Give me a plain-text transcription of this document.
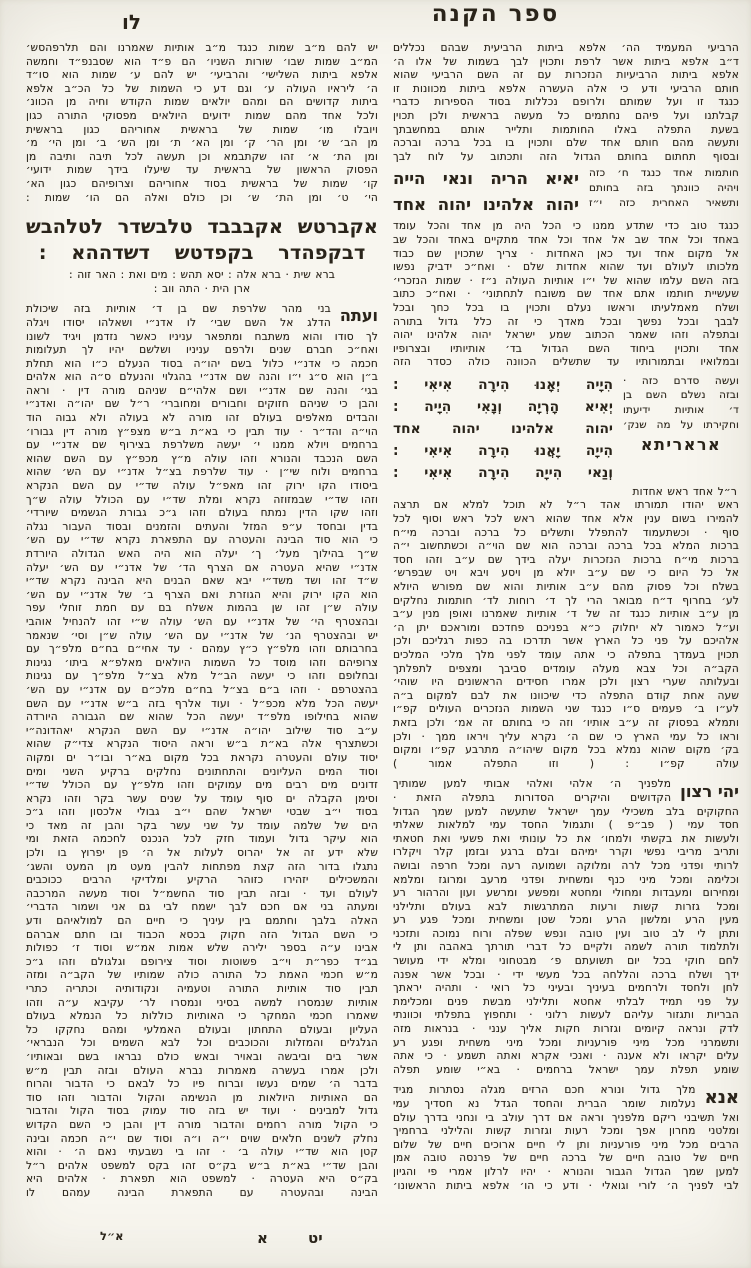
לו	ספר הקנה
הרביעי המעמיד הה׳ אלפא ביתות הרביעית שבהם נכללים
ד״ב אלפא ביתות אשר לרפת ותכוין לבך בשמות של אלו ה׳
אלפא ביתות הרביעיות הנזכרות עם זה השם הרביעי שהוא
חותם הרביעי ודע כי אלה העשרה אלפא ביתות מכוונות זו
כנגד זו ועל שמותם ולרופם נכללות בסוד הספירות כדברי
קבלתנו ועל פיהם נחתמים כל מעשה בראשית ולכן תכוין
בשעת התפלה באלו החותמות ותלייר אותם במחשבתך
ותעשה מהם חותם אחד שלם ותכוין בו בכל ברכה וברכה
ובסוף תחתום בחותם הגדול הזה ותכתוב על לוח לבך
חותמות אחד כנגד ח׳ כזה
ויהיה כוונתך בזה בחותם
ותשאיר האחרית כזה י״ז
יאיא הריה ונאי הייה
יהוה אלהינו יהוה אחד
כנגד טוב כדי שתדע ממנו כי הכל היה מן אחד והכל עומד
באחד וכל אחד שב אל אחד וכל אחד מתקיים באחד והכל שב
אל מקום אחד ועד כאן האחדות · צריך שתכוין שם כבוד
מלכותו לעולם ועד שהוא אחדות שלם · ואח״כ ידביק נפשו
בזה השם עלמו שהוא של י״ו אותיות העולה נ״ז · שמות הנזכרי׳
שעשיית חותמו אתם אחד שם משובח לתחתוני׳ · ואח״כ כתוב
ושלח מאמלעיתו וראשו נעלם ותכוין בו בכל כחך ובכל
לבבך ובכל נפשך ובכל מאדך כי זה כלל גדול בתורה
ובתפלה וזהו שאמר הכתוב שמע ישראל יהוה אלהינו יהוה
אחד ותכוין ביחוד השם הגדול בד׳ אותיותיו ובצרופיו
ובמלואיו ובתמורותיו עד שתשלים הכוונה כולה כסדר הזה
ועשה סדרם כזה ·
ובזה נשלם השם בן
ד׳ אותיות ידיעתו
וחקירתו על מה שנק׳
אראריתא
הִיָיה יְאָנוּ הִירָה אִיאִי :
יְאִיא הָרְיָה וְנָאִי הִיָיה :
יהוה אלהינו יהוה אחד
הִייָה יָאֲנוּ הִירָה אִיאִי :
וְנַאי הִייָה הִירָה אִיאִי :
ר״ל אחד ראש אחדות
ראש יהודו תמורתו אהד ר״ל לא תוכל למלא אם תרצה
להמירו בשום ענין אלא אחד שהוא ראש לכל ראש וסוף לכל
סוף · וכשתעמוד להתפלל ותשלים כל ברכה וברכה מי״ח
ברכות המלא בכל ברכה וברכה הוא שם הוי״ה וכשתחשוב י״ה
ברכות מי״ח ברכות הנזכרות יעלה בידך שם ע״ב וזהו חסד
אל כל היום כי שם ע״ב יולא מן ויסע ויבא ויט שבפרש׳
בשלח וכל פסוק מהם ע״ב אותיות והוא שם מפורש היולא
לע׳ בחרוף ד״ח מבואר הרי לך ד׳ רוחות לד׳ חותמות נחלקים
מן ע״ב אותיות כנגד זה של ד׳ אותיות שאמרנו ואופן מנין ע״ב
וע״ל כאמור לא יחלוק כ״א בפניכם פחדכם ומוראכם יתן ה׳
אלהיכם על פני כל הארץ אשר תדרכו בה כפות רגליכם ולכן
תכוין בעמדך בתפלה כי אתה עומד לפני מלך מלכי המלכים
הקב״ה וכל צבא מעלה עומדים סביבך ומצפים לתפלתך
ובעלותה שערי רצון ולכן אמרו חסידים הראשונים היו שוהי׳
שעה אחת קודם התפלה כדי שיכוונו את לבם למקום ב״ה
לע״ו ב׳ פעמים ס״ו כנגד שני השמות הנזכרים העולים קפ״ו
ותמלא בפסוק זה ע״ב אותיו׳ וזה כי בחותם זה אמ׳ ולכן בזאת
וראו כל עמי הארץ כי שם ה׳ נקרא עליך ויראו ממך · ולכן
בק׳ מקום שהוא נמלא בכל מקום שיהו״ה מתרבע קפ״ו ומקום
עולה קפ״ו : ( וזו התפלה אמור )
יהי רצון
מלפניך ה׳ אלהי ואלהי אבותי למען שמותיך
הקדושים והיקרים הסדורות בתפלה הזאת ·
החקוקים בלב משכילי עמך ישראל שתעשה למען שמך הגדול
חסד עמי ( פב״פ ) ותגמול החסד עמי למלאות שאלתי
ולעשות את בקשתי ולמחו׳ את כל עונותי ואת פשעי ואת חטאתי
ותריב מריבי נפשי וקרר ימיהם ובלם ברגע ובזמן קלר ויקלרו
לרותי ופדני מכל לרה ומלוקה ושמועה רעה ומכל חרפה ובושה
וכלימה ומכל מיני כנף ומשחית ופדני מרעב ומרוגז ומלמא
ומחירום ומעבדות ומחולי ומחטא ומפשע ומרשע ועון והרהור רע
ומכל גזרות קשות ורעות המתרגשות לבא בעולם ותלילני
מעין הרע ומלשון הרע ומכל שטן ומשחית ומכל פגע רע
ותתן לי לב טוב ועין טובה ונפש שפלה ורוח נמוכה ותזכני
ולתלמוד תורה לשמה ולקיים כל דברי תורתך באהבה ותן לי
לחם חוקי בכל יום תשועתם פ׳ מבטחוני ומלא ידי מעושר
ידך ושלח ברכה והללחה בכל מעשי ידי · ובכל אשר אפנה
לחן ולחסד ולרחמים בעיניך ובעיני כל רואי · ותהיה יראתך
על פני תמיד לבלתי אחטא ותלילני מבשת פנים ומכלימת
הבריות ותגזור עליהם לעשות רלוני · ותחפוץ בתפלתי וכוונתי
לדק ונראה קיומים וגזרות חקות אליך ענני · בנראות מזה
ותשמרני מכל מיני פורעניות ומכל מיני משחית ופגע רע
עלים יקראו ולא אענה · ואנכי אקרא ואתה תשמע · כי אתה
שומע תפלת עמך ישראל ברחמים · בא״י שומע תפלה
אנא
מלך גדול ונורא חכם הרזים מגלה נסתרות מגיד
נעלמות שומר הברית והחסד הגדל נא חסדיך עמי
ואל תשיבני ריקם מלפניך וראה אם דרך עולב בי ונחני בדרך עולם
ומלטני מחרון אפך ומכל רעות וגזרות קשות והלילני ברחמיך
הרבים מכל מיני פורעניות ותן לי חיים ארוכים חיים של שלום
חיים של טובה חיים של ברכה חיים של פרנסה טובה אמן
למען שמך הגדול הגבור והנורא · יהיו לרלון אמרי פי והגיון
לבי לפניך ה׳ לורי וגואלי · ודע כי הו׳ אלפא ביתות הראשונו׳
יש להם מ״ב שמות כנגד מ״ב אותיות שאמרנו והם תלרפהסש׳
המ״ב שמות שבו׳ שורות השניו׳ הם פ״ד הוא שסבנפ״ד וחמשה
אלפא ביתות השלישי׳ והרביעי׳ יש להם ע׳ שמות הוא סו״ד
ה׳ ליראיו העולה ע׳ וגם דע כי השמות של כל הכ״ב אלפא
ביתות קדושים הם ומהם יולאים שמות הקודש וחיה מן הכוונ׳
ולכל אחד מהם שמות ידועים היולאים מפסוקי התורה כגון
ויובלו מו׳ שמות של בראשית אחוריהם כגון בראשית
מן הב׳ ש׳ ומן הר׳ ק׳ ומן הא׳ ת׳ ומן הש׳ ב׳ ומן הי׳ מ׳
ומן הת׳ א׳ זהו שקתבמא וכן תעשה לכל תיבה ותיבה מן
הפסוק הראשון של בראשית עד שיעלו בידך שמות ידועי׳
קו׳ שמות של בראשית בסוד אחוריהם וצרופיהם כגון הא׳
הי׳ ט׳ ומן הת׳ ש׳ וכן כולם ואלה הם הו׳ שמות :
אקברטש אקבבבד טלבשדר לטלהבש
דבקפהדר בקפדטש דשדההא :
ברא שית · ברא אלה : יסא תהש : מים ואת : האר זוה :
ארן הית · התה ווב :
ועתה
בני מהר שלרפת שם בן ד׳ אותיות בזה שיכולת
הדלג אל השם שבי׳ לו אדנ״י ושאלהו יסודו ויגלה
לך סודו והוא משתבח ומתפאר עניניו כאשר נזדמן ויגיד לשונו
ואח״כ חברם שנים ולרפם עניניו ושלשם יהיו לך תעלומות
חכמה כי אדנ״י כלול בשם יהו״ה בסוד הנעלם כ״ו הוא תחלת
ב״ן הוא ס״ג י״ו והנה שם אדנ״י בהגלוי והנעלם ס״ה הוא אלהים
בגי׳ והנה שם אדנ״י ושם אלהי״ם שניהם מורה דין · וראה
והבן כי שניהם חזוקים וחבורים ומחוברי׳ ר״ל שם יהו״ה ואדנ״י
והבדים מאלפים בעולם זהו מורה לא בעולה ולא גבוה הוד
הוי״ה והד״ר · עוד תבין כי בא״ת ב״ש מצפ״ץ מורה דין גבורו׳
ברחמים ויולא ממנו י׳ יעשה משלרפת בצירוף שם אדנ״י עם
השם הנכבד והנורא וזהו עולה מ״ץ מכפ״ץ עם השם שהוא
ברחמים ולוח שי״ן · עוד שלרפת בצ״ל אדנ״י עם הש׳ שהוא
ביסודו הקו ירוק זהו מאפ״ל עולה שד״י עם השם הנקרא
וזהו שד״י שבמזוזה נקרא ומלת שד״י עם הכולל עולה ש״ך
וזהו שקו הדין נמתח בעולם וזהו ג״כ גבורת הגשמים שיורדי׳
בדין ובחסד ע״פ המזל והעתים והזמנים ובסוד העבור נגלה
כי הוא סוד הבינה והעטרה עם התפארת נקרא שד״י עם הש׳
ש״ך בהילוך מעל׳ ך׳ יעלה הוא היה האש הגדולה היורדת
אדנ״י שהיא העטרה אם הצרף הד׳ של אדנ״י עם הש׳ יעלה
ש״ד זהו ושד משד״י יבא שאם הבנים היא הבינה נקרא שד״י
הוא הקו ירוק והיא הגוזרת ואם הצרף ב׳ של אדנ״י עם הש׳
עולה ש״ן זהו שן בהמות אשלח בם עם חמת זוחלי עפר
ובהצטרף הי׳ של אדנ״י עם הש׳ עולה ש״י זהו להנחיל אוהבי
יש ובהצטרף הנ׳ של אדנ״י עם הש׳ עולה ש״ן וסי׳ שנאמר
בחרבותם וזהו מלפ״ץ כ״ץ עמהם · עד אחי״ם בח״ם מלפ״ך עם
צרופיהם וזהו מוסד כל השמות היולאים מאלפ״א ביתו׳ נגינות
ובחלופם וזהו כי יעשה הב״ל מלא בצ״ל מלפ״ך עם נגינות
בהצטרפם · וזהו ב״ם בצ״ל בח״ם מלכ״ם עם אדנ״י עם הש׳
יעשה הכל מלא מכפ״ל · ועוד אלרף בזה ב״ש אדנ״י עם השם
שהוא בחילופו מלפ״ד יעשה הכל שהוא שם הגבורה היורדה
ע״ב סוד שילוב יהו״ה אדנ״י עם השם הנקרא יאהדונה״י
וכשתצרף אלה בא״ת ב״ש וראה היסוד הנקרא צדי״ק שהוא
יסוד עולם והעטרה נקראת בכל מקום בא״ר ובו״ר ים ומקוה
וסוד המים העליונים והתחתונים נחלקים ברקיע השני ומים
זדונים מים רבים מים עמוקים וזהו מלפ״ץ עם הכולל שד״י
וסימן הקבלה ים סוף עומד על שנים עשר בקר וזהו נקרא
בסוד י״ב שבטי ישראל שהם י״ב גבולי אלכסון וזהו ג״כ
הים של שלמה עומד על שני עשר בקר והבן זה מאד כי
הוא עיקר גדול ועמוד חזק לכל הנכנס לחכמה הזאת ומי
שלא ידע זה אל יהרוס לעלות אל ה׳ פן יפרוץ בו ולכן
נתגלו בדור הזה קצת מפתחות להבין מעט מן המעט והשג׳
והמשכילים יזהירו כזוהר הרקיע ומלדיקי הרבים ככוכבים
לעולם ועד · ובזה תבין סוד החשמ״ל וסוד מעשה המרכבה
ומעתה בני אם חכם לבך ישמח לבי גם אני ושמור הדברי׳
האלה בלבך וחתמם בין עיניך כי חיים הם למולאיהם ודע
כי השם הגדול הזה חקוק בכסא הכבוד ובו חתם אברהם
אבינו ע״ה בספר ילירה שלש אמות אמ״ש וסוד ז׳ כפולות
בג״ד כפר״ת וי״ב פשוטות וסוד צירופם וגלגולם וזהו ג״כ
מ״ש חכמי האמת כל התורה כולה שמותיו של הקב״ה ומזה
תבין סוד אותיות התורה וטעמיה ונקודותיה וכתריה כתרי
אותיות שנמסרו למשה בסיני ונמסרו לר׳ עקיבא ע״ה וזהו
שאמרו חכמי המחקר כי האותיות כוללות כל הנמלא בעולם
העליון ובעולם התחתון ובעולם האמלעי ומהם נחקקו כל
הגלגלים והמזלות והכוכבים וכל לבא השמים וכל הנבראי׳
אשר בים וביבשה ובאויר ובאש כולם נבראו בשם ובאותיו׳
ולכן אמרו בעשרה מאמרות נברא העולם ובזה תבין מ״ש
בדבר ה׳ שמים נעשו וברוח פיו כל לבאם כי הדבור והרוח
הם האותיות היולאות מן הנשימה והקול והדבור וזהו סוד
גדול למבינים · ועוד יש בזה סוד עמוק בסוד הקול והדבור
כי הקול מורה רחמים והדבור מורה דין והבן כי השם הקדוש
נחלק לשנים חלאים שוים י״ה ו״ה וסוד שם י״ה חכמה ובינה
קטן הוא שד״י עולה ב׳ · זהו בי נשבעתי נאם ה׳ · והוא
והבן שד״י בא״ת ב״ש בק״ס זהו בקס למשפט אלהים ר״ל
בק״ס היא העטרה · למשפט הוא תפארת · אלהים היא
הבינה ובהעטרה עם התפארת הבינה עמהם לו
יט
א
א״ל
